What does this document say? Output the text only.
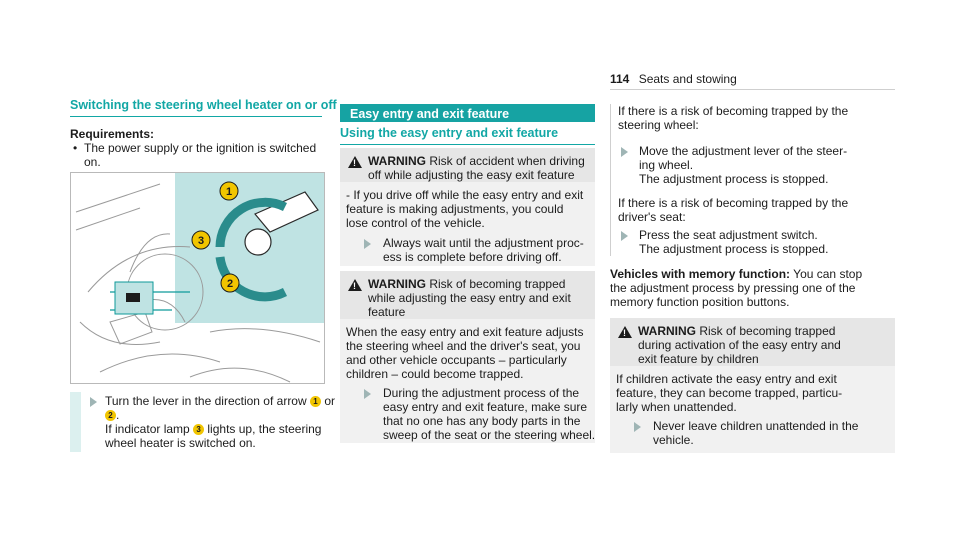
114 Seats and stowing
Switching the steering wheel heater on or off
Requirements:
• The power supply or the ignition is switched
on.
1
3
2
Turn the lever in the direction of arrow 1 or
2 .
If indicator lamp 3 lights up, the steering
wheel heater is switched on.
Easy entry and exit feature
Using the easy entry and exit feature
! WARNING Risk of accident when driving
off while adjusting the easy exit feature
- If you drive off while the easy entry and exit
feature is making adjustments, you could
lose control of the vehicle.
Always wait until the adjustment proc-
ess is complete before driving off.
! WARNING Risk of becoming trapped
while adjusting the easy entry and exit
feature
When the easy entry and exit feature adjusts
the steering wheel and the driver's seat, you
and other vehicle occupants – particularly
children – could become trapped.
During the adjustment process of the
easy entry and exit feature, make sure
that no one has any body parts in the
sweep of the seat or the steering wheel.
If there is a risk of becoming trapped by the
steering wheel:
Move the adjustment lever of the steer-
ing wheel.
The adjustment process is stopped.
If there is a risk of becoming trapped by the
driver's seat:
Press the seat adjustment switch.
The adjustment process is stopped.
Vehicles with memory function: You can stop
the adjustment process by pressing one of the
memory function position buttons.
! WARNING Risk of becoming trapped
during activation of the easy entry and
exit feature by children
If children activate the easy entry and exit
feature, they can become trapped, particu-
larly when unattended.
Never leave children unattended in the
vehicle.
